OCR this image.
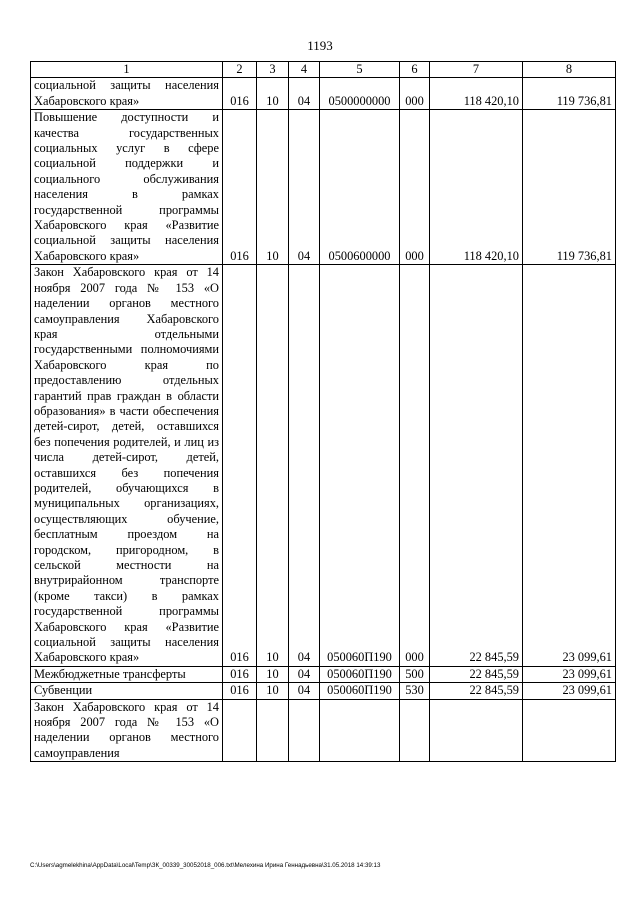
1193
1	2	3	4	5	6	7	8
социальной защиты населения Хабаровского края»	016	10	04	0500000000	000	118 420,10	119 736,81
Повышение доступности и качества государственных социальных услуг в сфере социальной поддержки и социального обслуживания населения в рамках государственной программы Хабаровского края «Развитие социальной защиты населения Хабаровского края»	016	10	04	0500600000	000	118 420,10	119 736,81
Закон Хабаровского края от 14 ноября 2007 года № 153 «О наделении органов местного самоуправления Хабаровского края отдельными государственными полномочиями Хабаровского края по предоставлению отдельных гарантий прав граждан в области образования» в части обеспечения детей-сирот, детей, оставшихся без попечения родителей, и лиц из числа детей-сирот, детей, оставшихся без попечения родителей, обучающихся в муниципальных организациях, осуществляющих обучение, бесплатным проездом на городском, пригородном, в сельской местности на внутрирайонном транспорте (кроме такси) в рамках государственной программы Хабаровского края «Развитие социальной защиты населения Хабаровского края»	016	10	04	050060П190	000	22 845,59	23 099,61
Межбюджетные трансферты	016	10	04	050060П190	500	22 845,59	23 099,61
Субвенции	016	10	04	050060П190	530	22 845,59	23 099,61
Закон Хабаровского края от 14 ноября 2007 года № 153 «О наделении органов местного самоуправления							
C:\Users\agmelekhina\AppData\Local\Temp\ЗК_00339_30052018_006.txt\Мелехина Ирина Геннадьевна\31.05.2018 14:39:13
